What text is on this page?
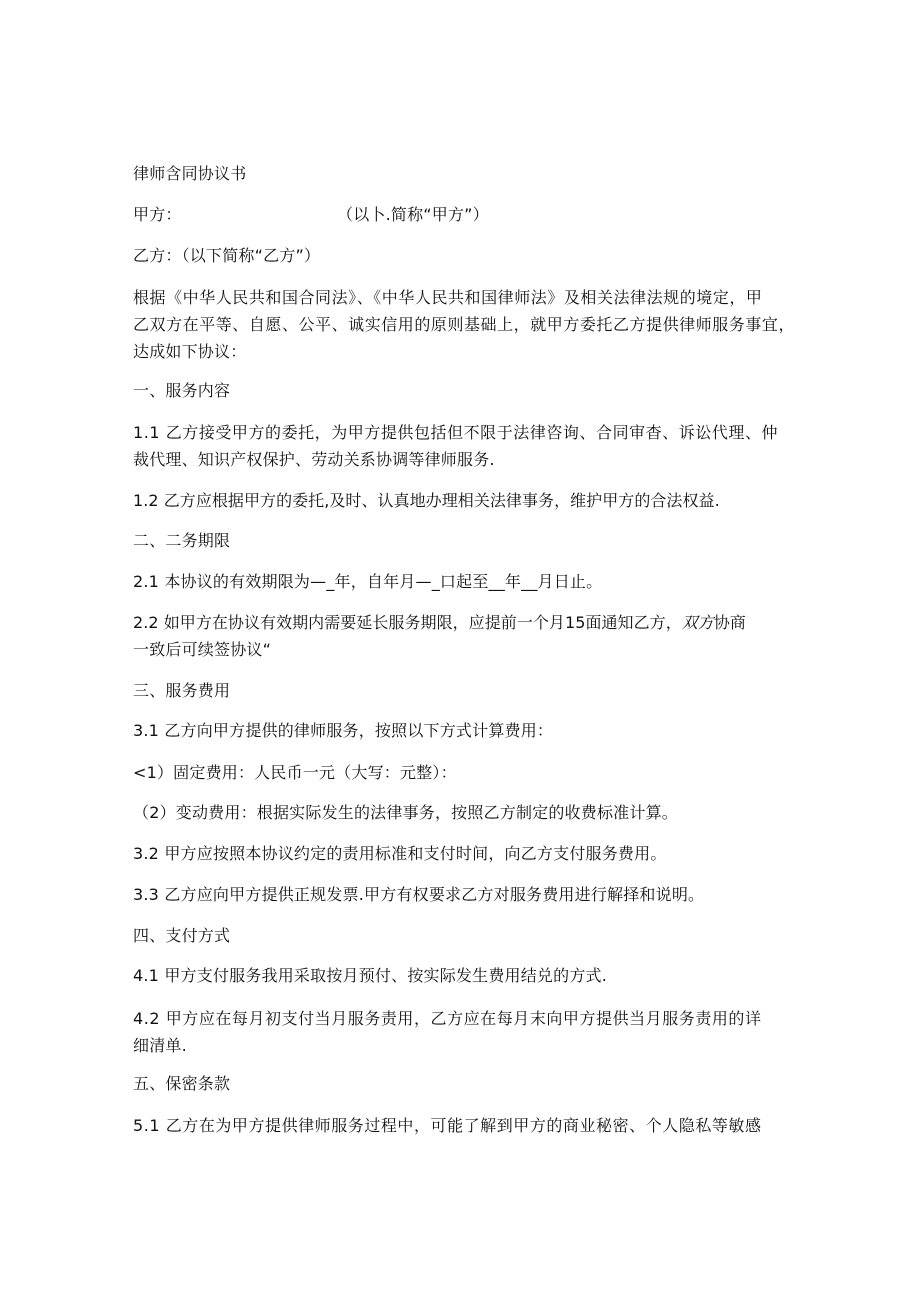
律师含同协议书
甲方：	（以卜.简称“甲方”）
乙方：（以下简称“乙方”）
根据《中华人民共和国合同法》、《中华人民共和国律师法》及相关法律法规的境定，甲
乙双方在平等、自愿、公平、诚实信用的原则基础上，就甲方委托乙方提供律师服务事宜，
达成如下协议：
一、服务内容
1.1 乙方接受甲方的委托，为甲方提供包括但不限于法律咨询、合同审杳、诉讼代理、仲
裁代理、知识产权保护、劳动关系协调等律师服务.
1.2 乙方应根据甲方的委托,及时、认真地办理相关法律事务，维护甲方的合法权益.
二、二务期限
2.1 本协议的有效期限为—_年，自年月—_口起至__年__月日止。
2.2 如甲方在协议有效期内需要延长服务期限，应提前一个月15面通知乙方，双方协商
一致后可续签协议“
三、服务费用
3.1 乙方向甲方提供的律师服务，按照以下方式计算费用：
<1）固定费用：人民币一元（大写：元整）：
（2）变动费用：根据实际发生的法律事务，按照乙方制定的收费标准计算。
3.2 甲方应按照本协议约定的责用标准和支付时间，向乙方支付服务费用。
3.3 乙方应向甲方提供正规发票.甲方有权要求乙方对服务费用进行解择和说明。
四、支付方式
4.1 甲方支付服务我用采取按月预付、按实际发生费用结兑的方式.
4.2 甲方应在每月初支付当月服务责用，乙方应在每月末向甲方提供当月服务责用的详
细清单.
五、保密条款
5.1 乙方在为甲方提供律师服务过程中，可能了解到甲方的商业秘密、个人隐私等敏感
